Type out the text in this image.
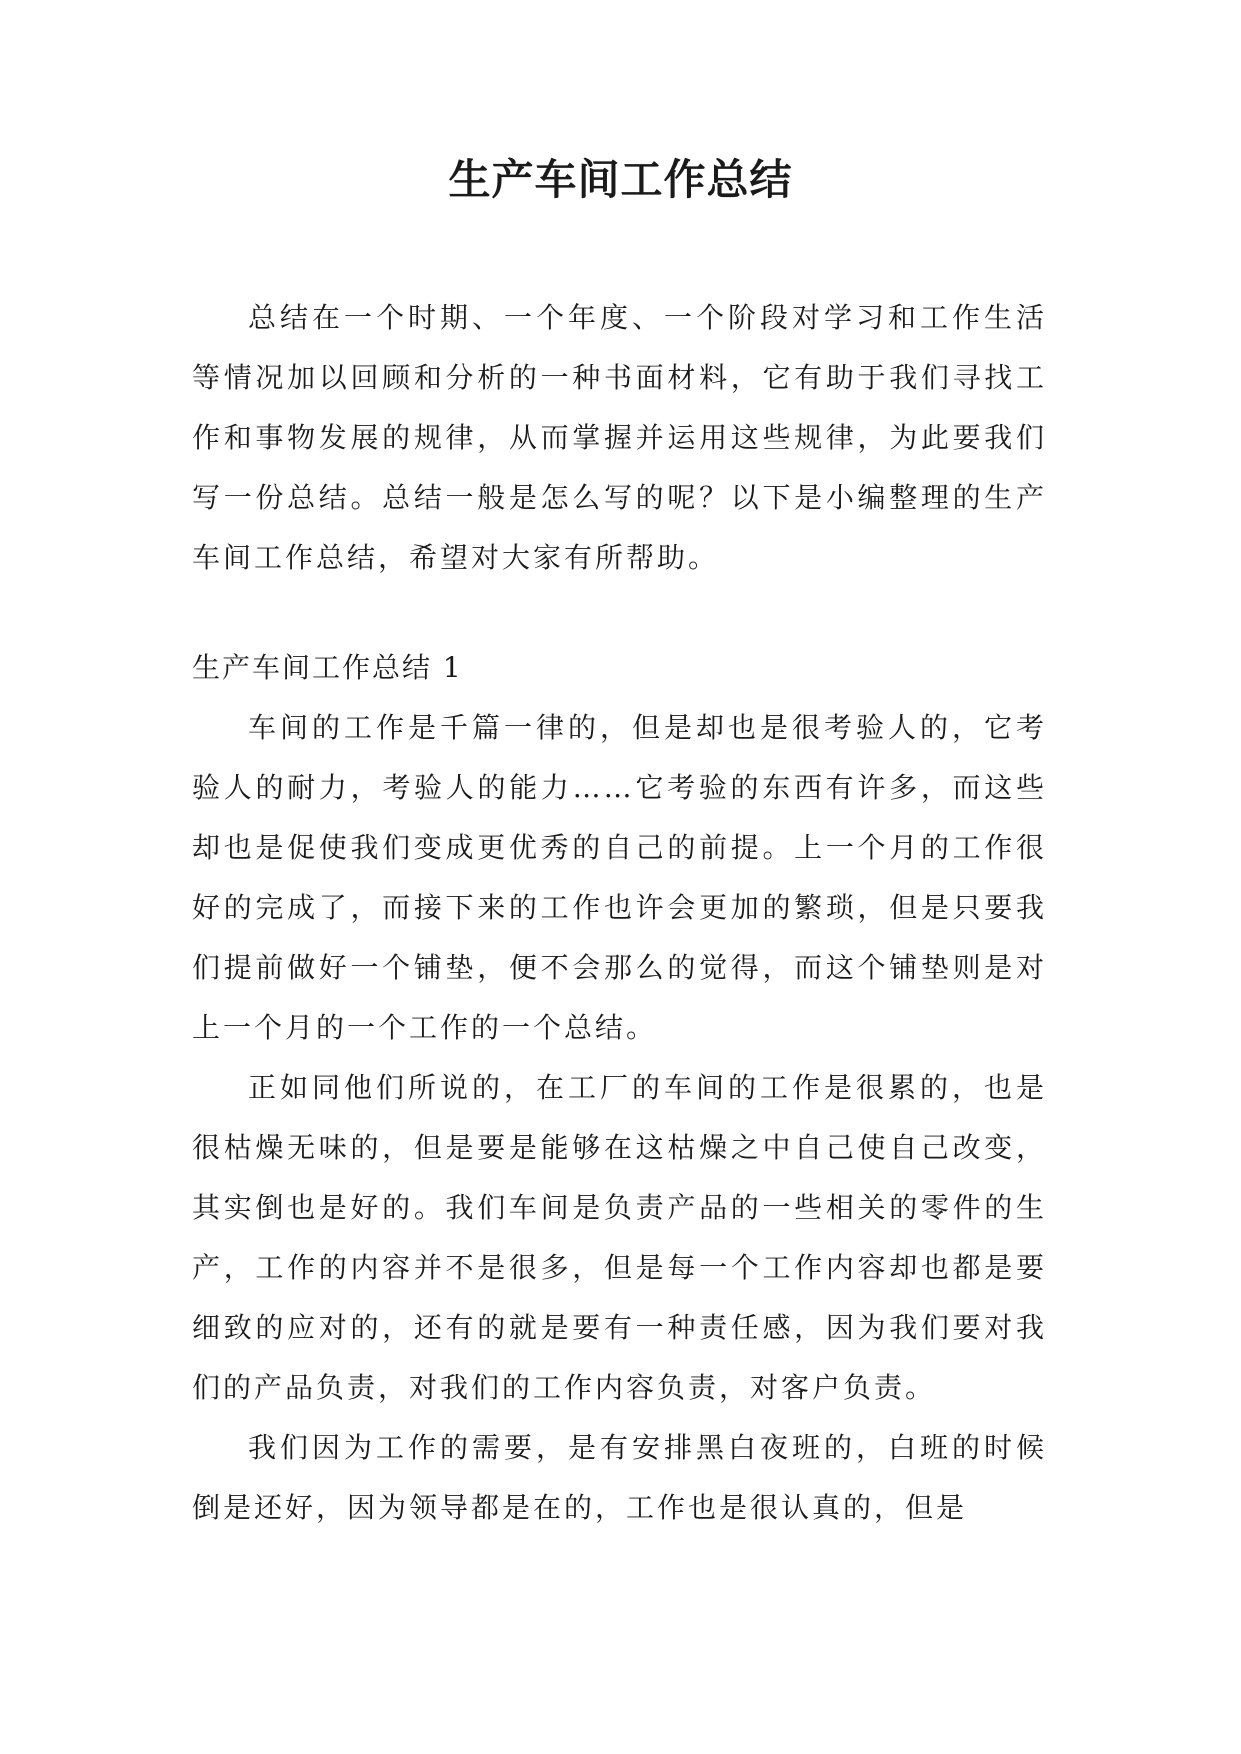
生产车间工作总结

总结在一个时期、一个年度、一个阶段对学习和工作生活等情况加以回顾和分析的一种书面材料，它有助于我们寻找工作和事物发展的规律，从而掌握并运用这些规律，为此要我们写一份总结。总结一般是怎么写的呢？以下是小编整理的生产车间工作总结，希望对大家有所帮助。

生产车间工作总结 1

车间的工作是千篇一律的，但是却也是很考验人的，它考验人的耐力，考验人的能力……它考验的东西有许多，而这些却也是促使我们变成更优秀的自己的前提。上一个月的工作很好的完成了，而接下来的工作也许会更加的繁琐，但是只要我们提前做好一个铺垫，便不会那么的觉得，而这个铺垫则是对上一个月的一个工作的一个总结。

正如同他们所说的，在工厂的车间的工作是很累的，也是很枯燥无味的，但是要是能够在这枯燥之中自己使自己改变，其实倒也是好的。我们车间是负责产品的一些相关的零件的生产，工作的内容并不是很多，但是每一个工作内容却也都是要细致的应对的，还有的就是要有一种责任感，因为我们要对我们的产品负责，对我们的工作内容负责，对客户负责。

我们因为工作的需要，是有安排黑白夜班的，白班的时候倒是还好，因为领导都是在的，工作也是很认真的，但是
